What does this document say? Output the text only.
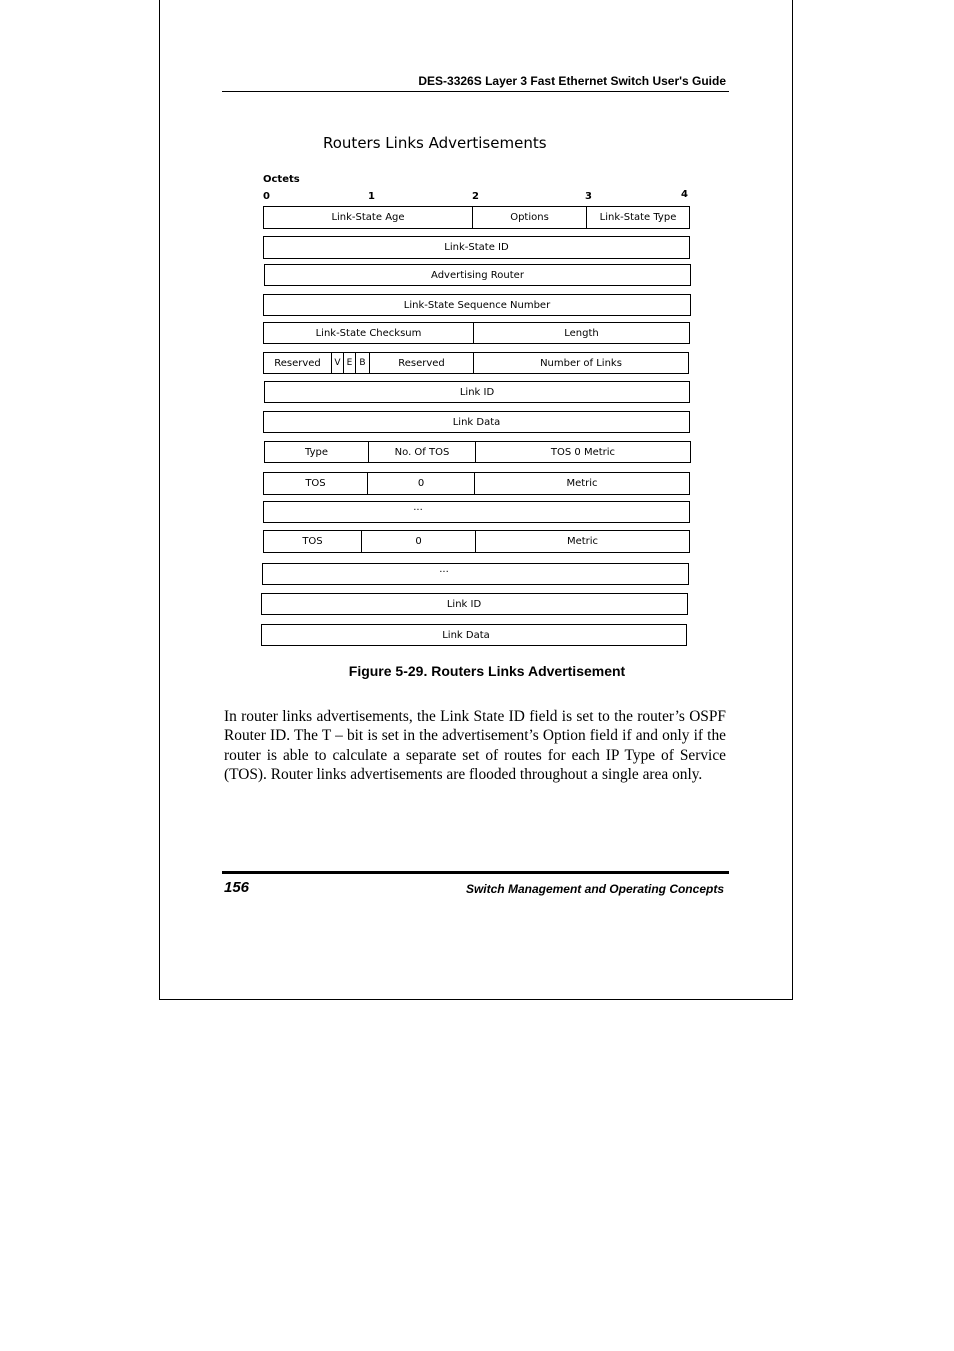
DES-3326S Layer 3 Fast Ethernet Switch User's Guide
Routers Links Advertisements
Octets
0	1	2	3	4
Link-State Age	Options	Link-State Type
Link-State ID
Advertising Router
Link-State Sequence Number
Link-State Checksum	Length
Reserved	V E B	Reserved	Number of Links
Link ID
Link Data
Type	No. Of TOS	TOS 0 Metric
TOS	0	Metric
...
TOS	0	Metric
...
Link ID
Link Data
Figure 5-29. Routers Links Advertisement
In router links advertisements, the Link State ID field is set to the router’s OSPF Router ID. The T – bit is set in the advertisement’s Option field if and only if the router is able to calculate a separate set of routes for each IP Type of Service (TOS). Router links advertisements are flooded throughout a single area only.
156	Switch Management and Operating Concepts
